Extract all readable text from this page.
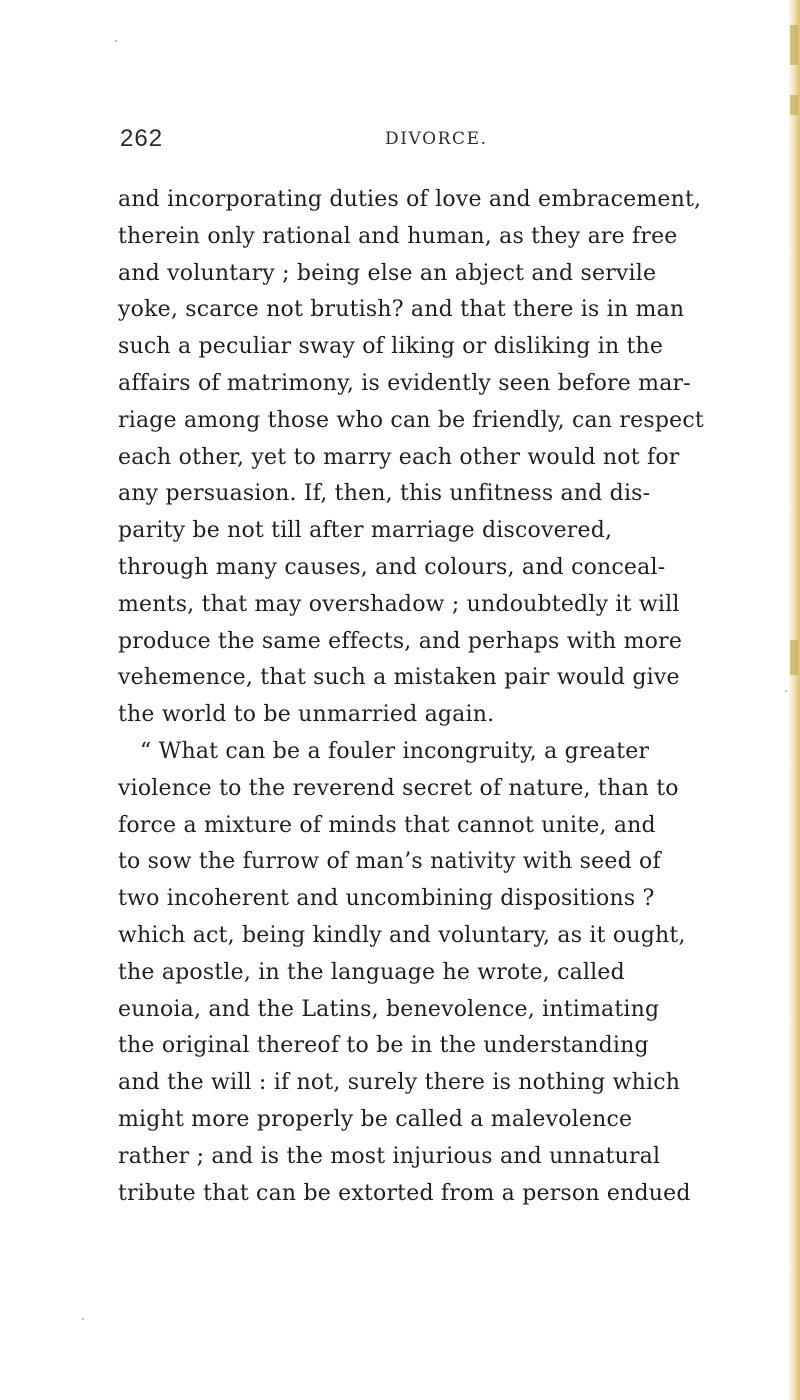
262	DIVORCE.
and incorporating duties of love and embracement,
therein only rational and human, as they are free
and voluntary ; being else an abject and servile
yoke, scarce not brutish? and that there is in man
such a peculiar sway of liking or disliking in the
affairs of matrimony, is evidently seen before mar-
riage among those who can be friendly, can respect
each other, yet to marry each other would not for
any persuasion. If, then, this unfitness and dis-
parity be not till after marriage discovered,
through many causes, and colours, and conceal-
ments, that may overshadow ; undoubtedly it will
produce the same effects, and perhaps with more
vehemence, that such a mistaken pair would give
the world to be unmarried again.
“ What can be a fouler incongruity, a greater
violence to the reverend secret of nature, than to
force a mixture of minds that cannot unite, and
to sow the furrow of man’s nativity with seed of
two incoherent and uncombining dispositions ?
which act, being kindly and voluntary, as it ought,
the apostle, in the language he wrote, called
eunoia, and the Latins, benevolence, intimating
the original thereof to be in the understanding
and the will : if not, surely there is nothing which
might more properly be called a malevolence
rather ; and is the most injurious and unnatural
tribute that can be extorted from a person endued
